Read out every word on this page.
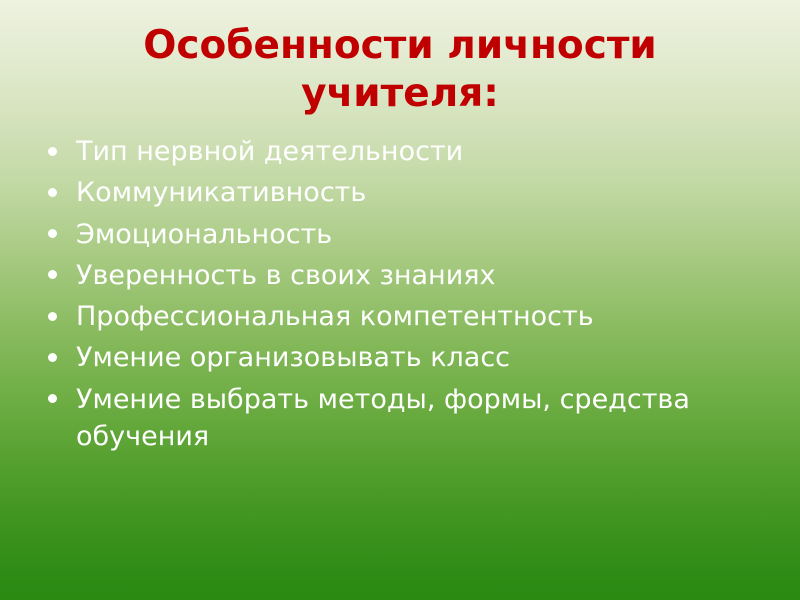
Особенности личности учителя:
Тип нервной деятельности
Коммуникативность
Эмоциональность
Уверенность в своих знаниях
Профессиональная компетентность
Умение организовывать класс
Умение выбрать методы, формы, средства обучения
